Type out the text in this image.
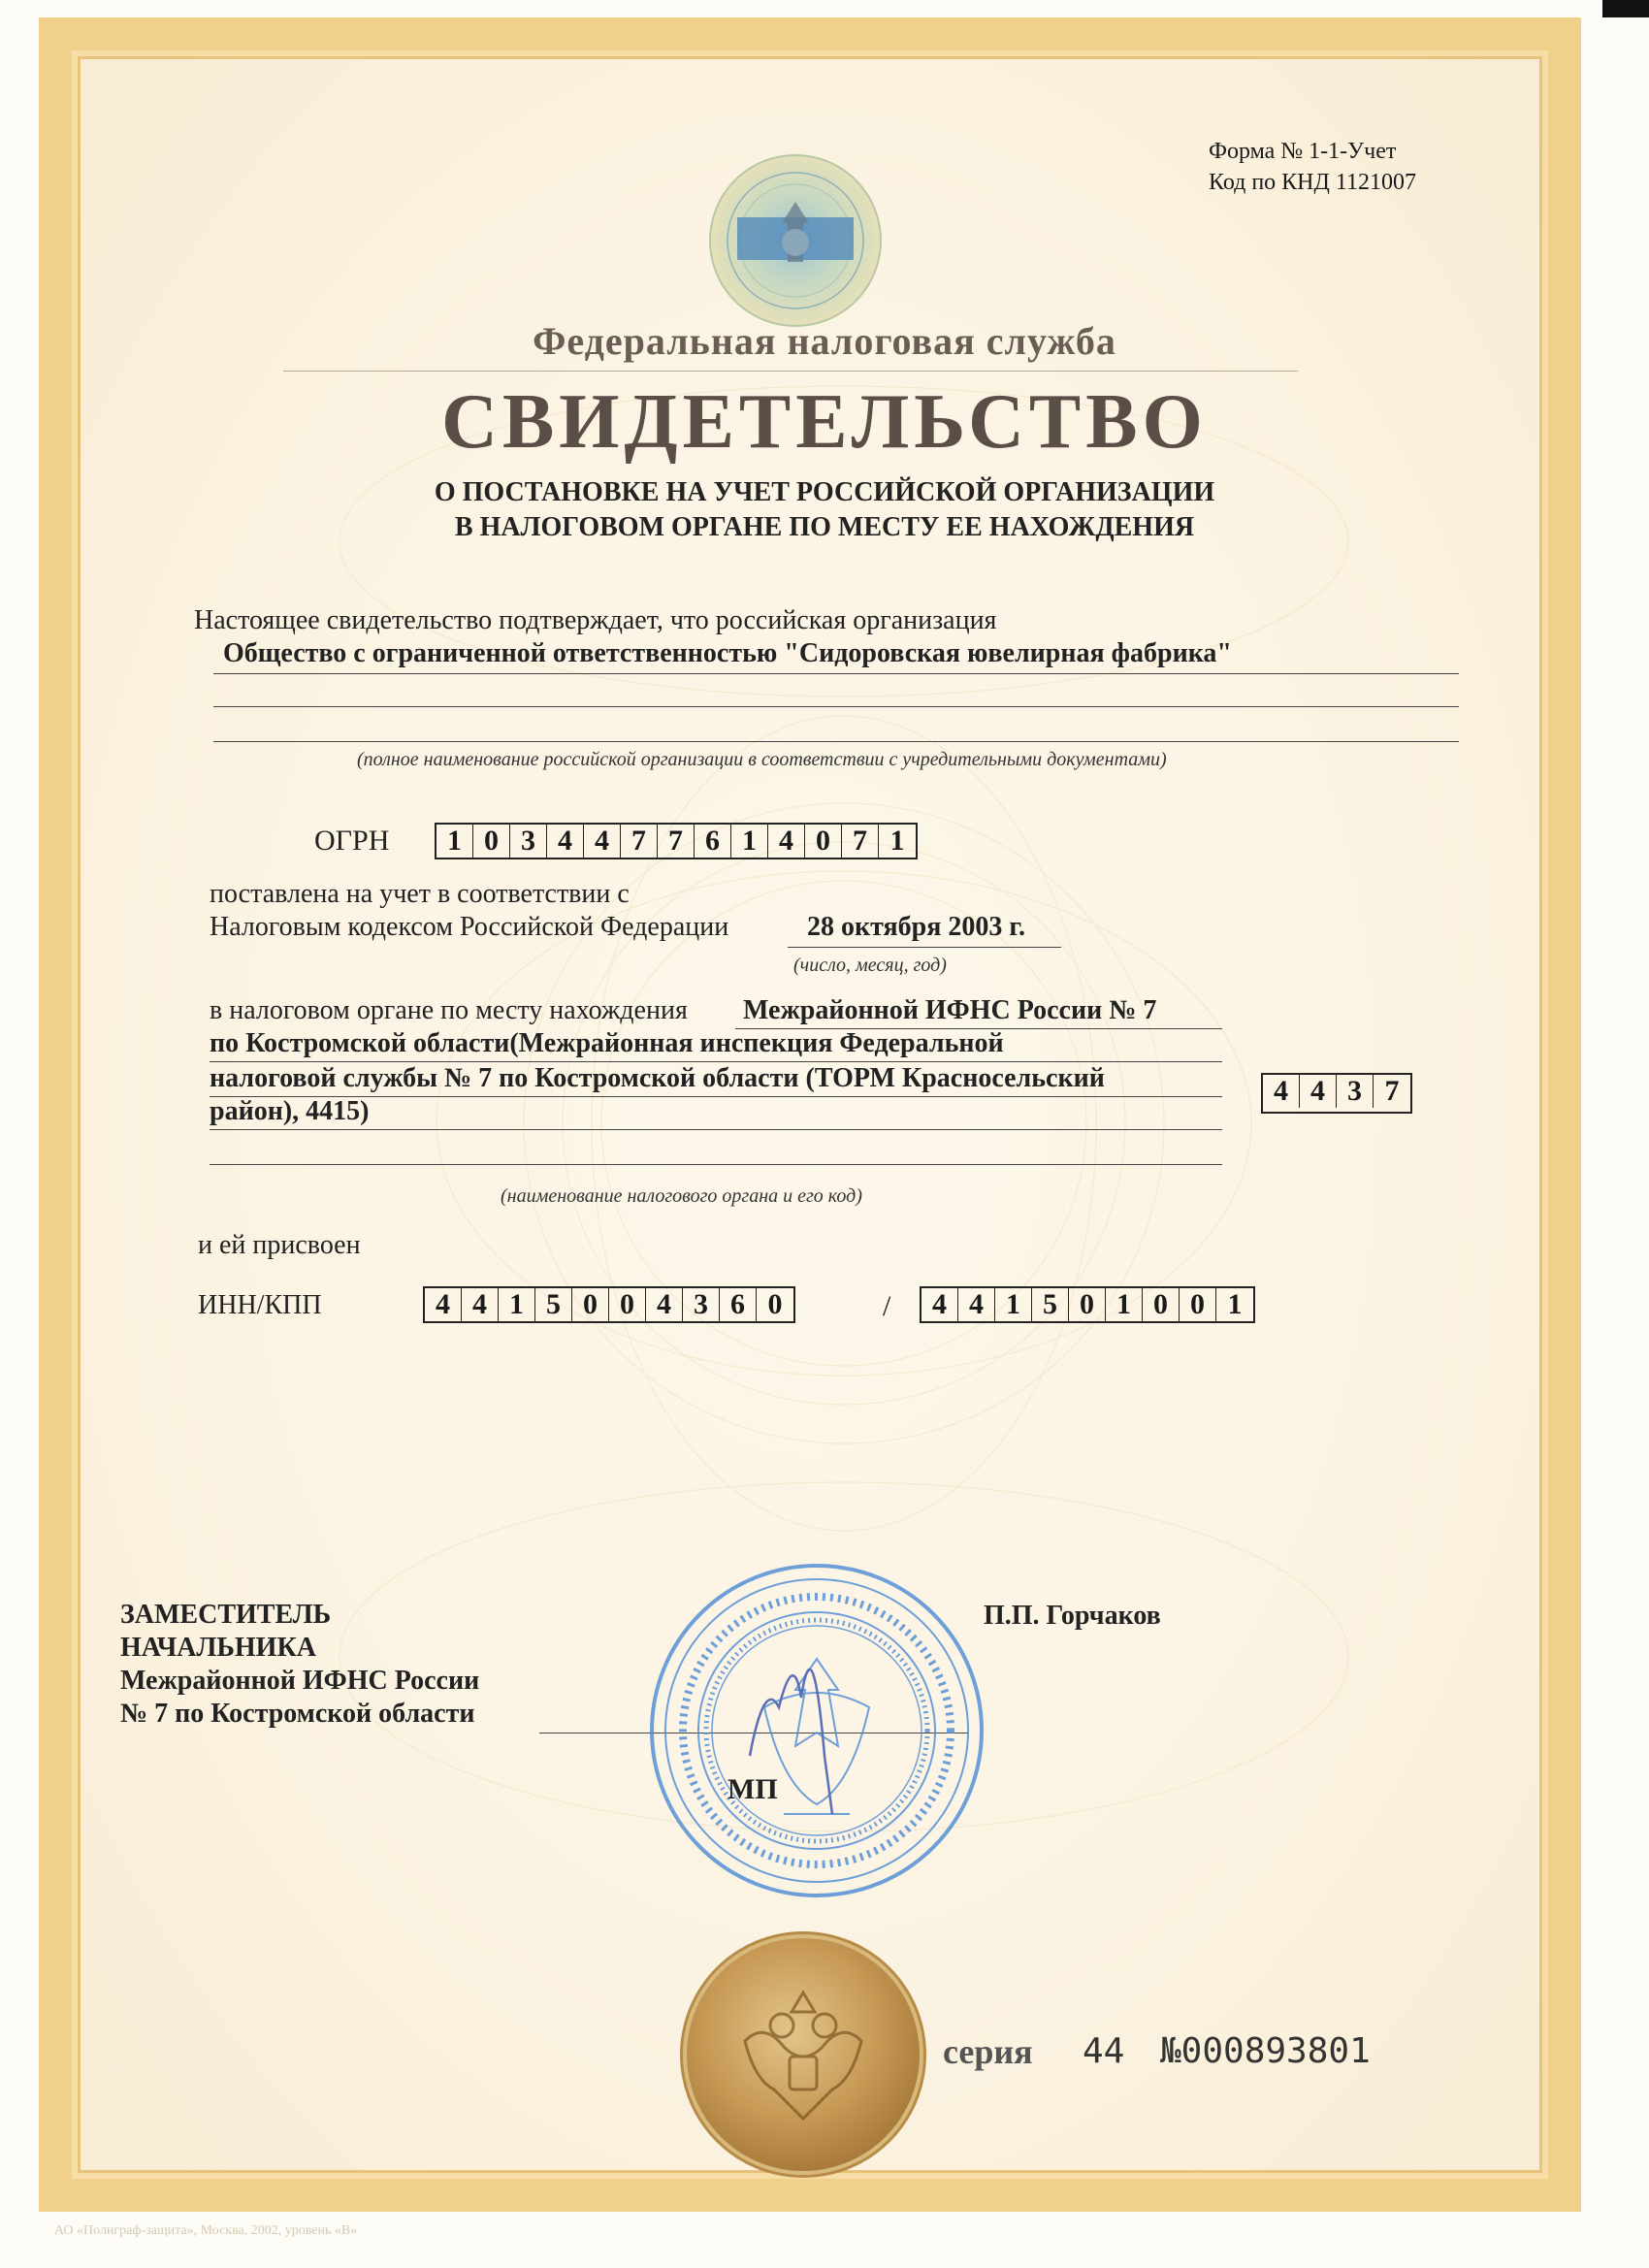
Форма № 1-1-Учет
Код по КНД 1121007
Федеральная налоговая служба
СВИДЕТЕЛЬСТВО
О ПОСТАНОВКЕ НА УЧЕТ РОССИЙСКОЙ ОРГАНИЗАЦИИ
В НАЛОГОВОМ ОРГАНЕ ПО МЕСТУ ЕЕ НАХОЖДЕНИЯ
Настоящее свидетельство подтверждает, что российская организация
Общество с ограниченной ответственностью "Сидоровская ювелирная фабрика"
(полное наименование российской организации в соответствии с учредительными документами)
ОГРН	1 0 3 4 4 7 7 6 1 4 0 7 1
поставлена на учет в соответствии с
Налоговым кодексом Российской Федерации	28 октября 2003 г.
(число, месяц, год)
в налоговом органе по месту нахождения Межрайонной ИФНС России № 7
по Костромской области(Межрайонная инспекция Федеральной
налоговой службы № 7 по Костромской области (ТОРМ Красносельский
район), 4415)
4 4 3 7
(наименование налогового органа и его код)
и ей присвоен
ИНН/КПП	4 4 1 5 0 0 4 3 6 0	/	4 4 1 5 0 1 0 0 1
ЗАМЕСТИТЕЛЬ
НАЧАЛЬНИКА
Межрайонной ИФНС России
№ 7 по Костромской области
П.П. Горчаков
МП
серия 44 №000893801
АО «Полиграф-защита», Москва, 2002, уровень «В»
